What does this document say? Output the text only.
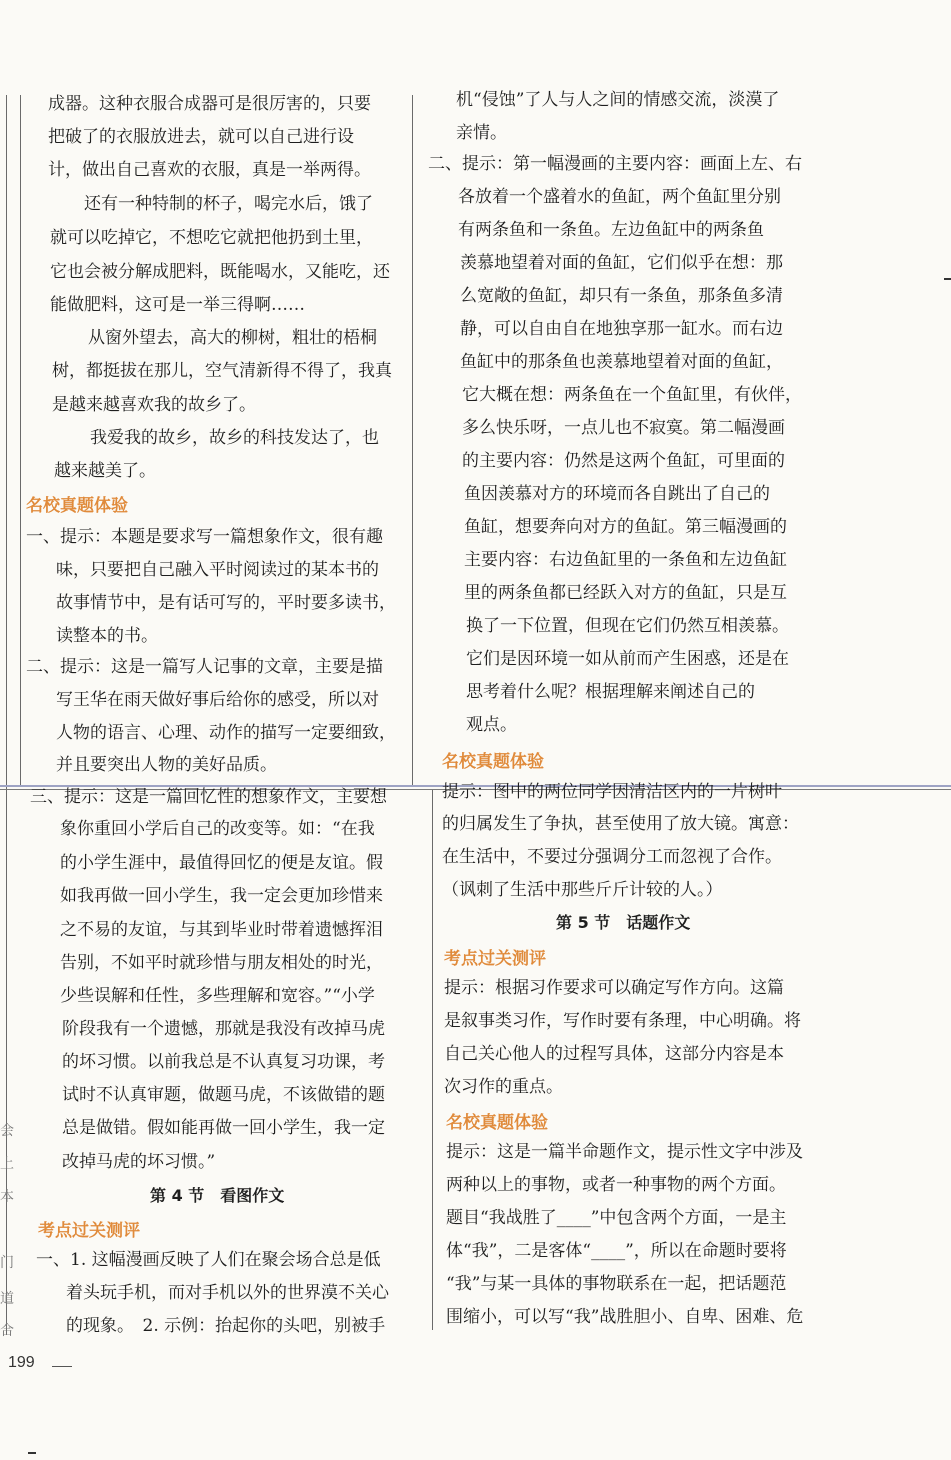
会
上
本
门
道
合
成器。这种衣服合成器可是很厉害的，只要
把破了的衣服放进去，就可以自己进行设
计，做出自己喜欢的衣服，真是一举两得。
还有一种特制的杯子，喝完水后，饿了
就可以吃掉它，不想吃它就把他扔到土里，
它也会被分解成肥料，既能喝水，又能吃，还
能做肥料，这可是一举三得啊……
从窗外望去，高大的柳树，粗壮的梧桐
树，都挺拔在那儿，空气清新得不得了，我真
是越来越喜欢我的故乡了。
我爱我的故乡，故乡的科技发达了，也
越来越美了。
名校真题体验
一、提示：本题是要求写一篇想象作文，很有趣
味，只要把自己融入平时阅读过的某本书的
故事情节中，是有话可写的，平时要多读书，
读整本的书。
二、提示：这是一篇写人记事的文章，主要是描
写王华在雨天做好事后给你的感受，所以对
人物的语言、心理、动作的描写一定要细致，
并且要突出人物的美好品质。
三、提示：这是一篇回忆性的想象作文，主要想
象你重回小学后自己的改变等。如：“在我
的小学生涯中，最值得回忆的便是友谊。假
如我再做一回小学生，我一定会更加珍惜来
之不易的友谊，与其到毕业时带着遗憾挥泪
告别，不如平时就珍惜与朋友相处的时光，
少些误解和任性，多些理解和宽容。”“小学
阶段我有一个遗憾，那就是我没有改掉马虎
的坏习惯。以前我总是不认真复习功课，考
试时不认真审题，做题马虎，不该做错的题
总是做错。假如能再做一回小学生，我一定
改掉马虎的坏习惯。”
第 4 节　看图作文
考点过关测评
一、1. 这幅漫画反映了人们在聚会场合总是低
着头玩手机，而对手机以外的世界漠不关心
的现象。　2. 示例：抬起你的头吧，别被手
机“侵蚀”了人与人之间的情感交流，淡漠了
亲情。
二、提示：第一幅漫画的主要内容：画面上左、右
各放着一个盛着水的鱼缸，两个鱼缸里分别
有两条鱼和一条鱼。左边鱼缸中的两条鱼
羡慕地望着对面的鱼缸，它们似乎在想：那
么宽敞的鱼缸，却只有一条鱼，那条鱼多清
静，可以自由自在地独享那一缸水。而右边
鱼缸中的那条鱼也羡慕地望着对面的鱼缸，
它大概在想：两条鱼在一个鱼缸里，有伙伴，
多么快乐呀，一点儿也不寂寞。第二幅漫画
的主要内容：仍然是这两个鱼缸，可里面的
鱼因羡慕对方的环境而各自跳出了自己的
鱼缸，想要奔向对方的鱼缸。第三幅漫画的
主要内容：右边鱼缸里的一条鱼和左边鱼缸
里的两条鱼都已经跃入对方的鱼缸，只是互
换了一下位置，但现在它们仍然互相羡慕。
它们是因环境一如从前而产生困惑，还是在
思考着什么呢？根据理解来阐述自己的
观点。
名校真题体验
提示：图中的两位同学因清洁区内的一片树叶
的归属发生了争执，甚至使用了放大镜。寓意：
在生活中，不要过分强调分工而忽视了合作。
（讽刺了生活中那些斤斤计较的人。）
第 5 节　话题作文
考点过关测评
提示：根据习作要求可以确定写作方向。这篇
是叙事类习作，写作时要有条理，中心明确。将
自己关心他人的过程写具体，这部分内容是本
次习作的重点。
名校真题体验
提示：这是一篇半命题作文，提示性文字中涉及
两种以上的事物，或者一种事物的两个方面。
题目“我战胜了____”中包含两个方面，一是主
体“我”，二是客体“____”，所以在命题时要将
“我”与某一具体的事物联系在一起，把话题范
围缩小，可以写“我”战胜胆小、自卑、困难、危
199
